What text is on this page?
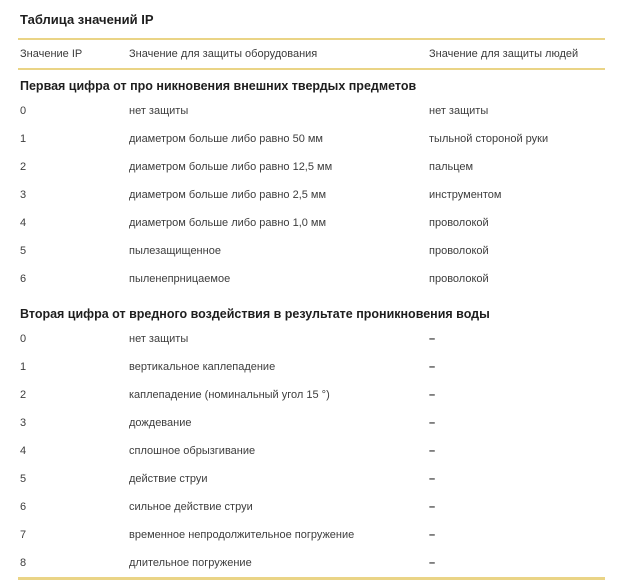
Таблица значений IP
Значение IP	Значение для защиты оборудования	Значение для защиты людей
Первая цифра от про никновения внешних твердых предметов
0	нет защиты	нет защиты
1	диаметром больше либо равно 50 мм	тыльной стороной руки
2	диаметром больше либо равно 12,5 мм	пальцем
3	диаметром больше либо равно 2,5 мм	инструментом
4	диаметром больше либо равно 1,0 мм	проволокой
5	пылезащищенное	проволокой
6	пыленепрницаемое	проволокой
Вторая цифра от вредного воздействия в результате проникновения воды
0	нет защиты	–
1	вертикальное каплепадение	–
2	каплепадение (номинальный угол 15 °)	–
3	дождевание	–
4	сплошное обрызгивание	–
5	действие струи	–
6	сильное действие струи	–
7	временное непродолжительное погружение	–
8	длительное погружение	–
